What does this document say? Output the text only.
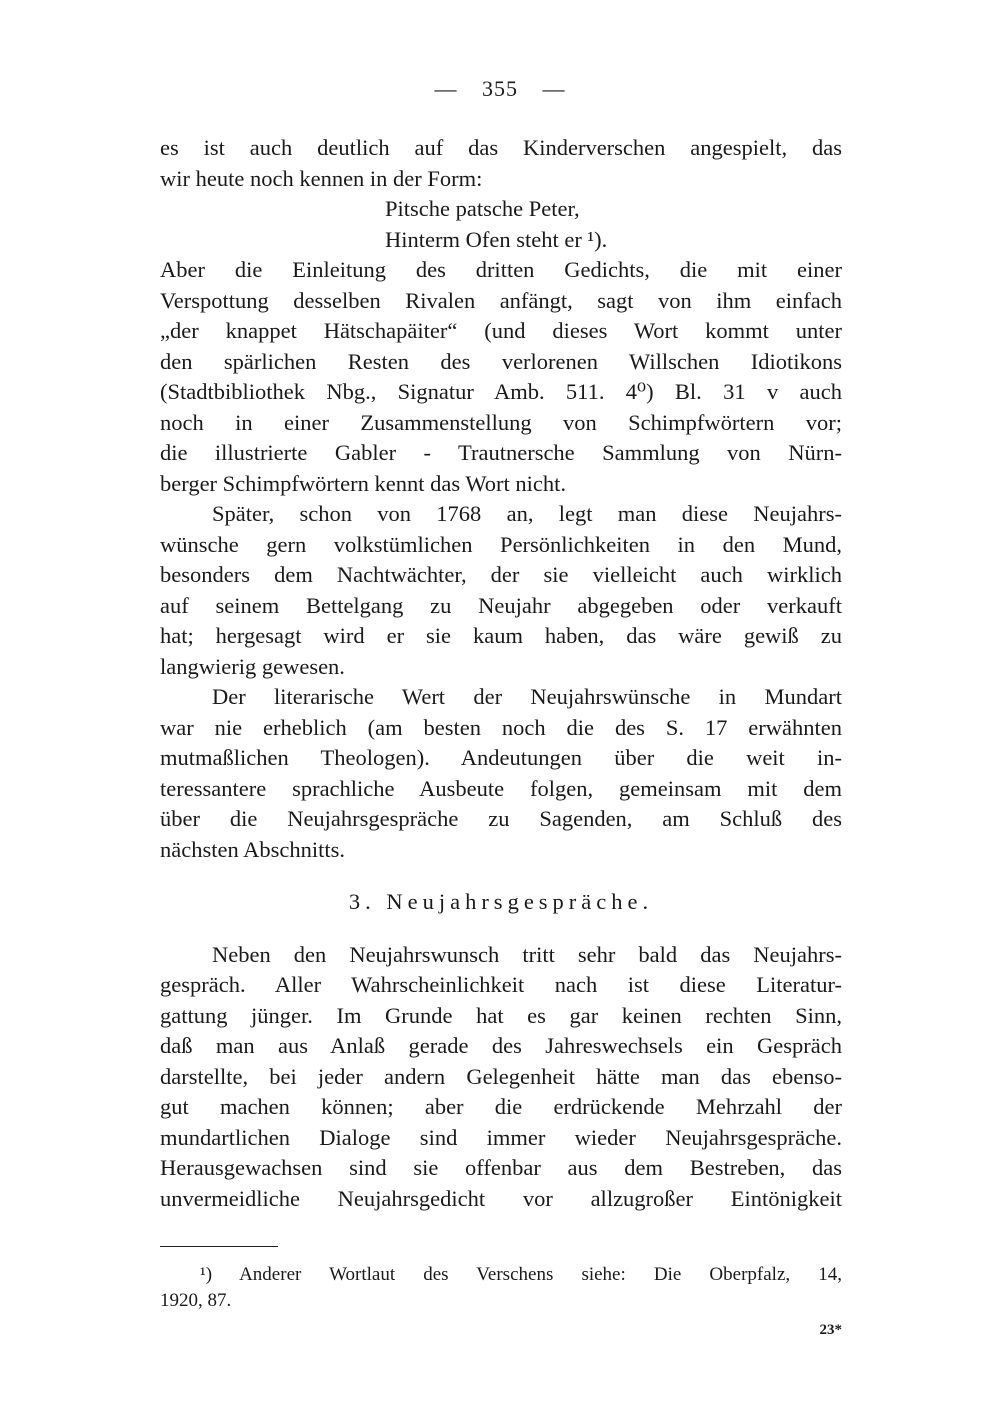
— 355 —
es ist auch deutlich auf das Kinderverschen angespielt, das
wir heute noch kennen in der Form:
Pitsche patsche Peter,
Hinterm Ofen steht er ¹).
Aber die Einleitung des dritten Gedichts, die mit einer
Verspottung desselben Rivalen anfängt, sagt von ihm einfach
„der knappet Hätschapäiter“ (und dieses Wort kommt unter
den spärlichen Resten des verlorenen Willschen Idiotikons
(Stadtbibliothek Nbg., Signatur Amb. 511. 4⁰) Bl. 31 v auch
noch in einer Zusammenstellung von Schimpfwörtern vor;
die illustrierte Gabler - Trautnersche Sammlung von Nürn-
berger Schimpfwörtern kennt das Wort nicht.
Später, schon von 1768 an, legt man diese Neujahrs-
wünsche gern volkstümlichen Persönlichkeiten in den Mund,
besonders dem Nachtwächter, der sie vielleicht auch wirklich
auf seinem Bettelgang zu Neujahr abgegeben oder verkauft
hat; hergesagt wird er sie kaum haben, das wäre gewiß zu
langwierig gewesen.
Der literarische Wert der Neujahrswünsche in Mundart
war nie erheblich (am besten noch die des S. 17 erwähnten
mutmaßlichen Theologen). Andeutungen über die weit in-
teressantere sprachliche Ausbeute folgen, gemeinsam mit dem
über die Neujahrsgespräche zu Sagenden, am Schluß des
nächsten Abschnitts.
3. Neujahrsgespräche.
Neben den Neujahrswunsch tritt sehr bald das Neujahrs-
gespräch. Aller Wahrscheinlichkeit nach ist diese Literatur-
gattung jünger. Im Grunde hat es gar keinen rechten Sinn,
daß man aus Anlaß gerade des Jahreswechsels ein Gespräch
darstellte, bei jeder andern Gelegenheit hätte man das ebenso-
gut machen können; aber die erdrückende Mehrzahl der
mundartlichen Dialoge sind immer wieder Neujahrsgespräche.
Herausgewachsen sind sie offenbar aus dem Bestreben, das
unvermeidliche Neujahrsgedicht vor allzugroßer Eintönigkeit
¹) Anderer Wortlaut des Verschens siehe: Die Oberpfalz, 14,
1920, 87.
23*
